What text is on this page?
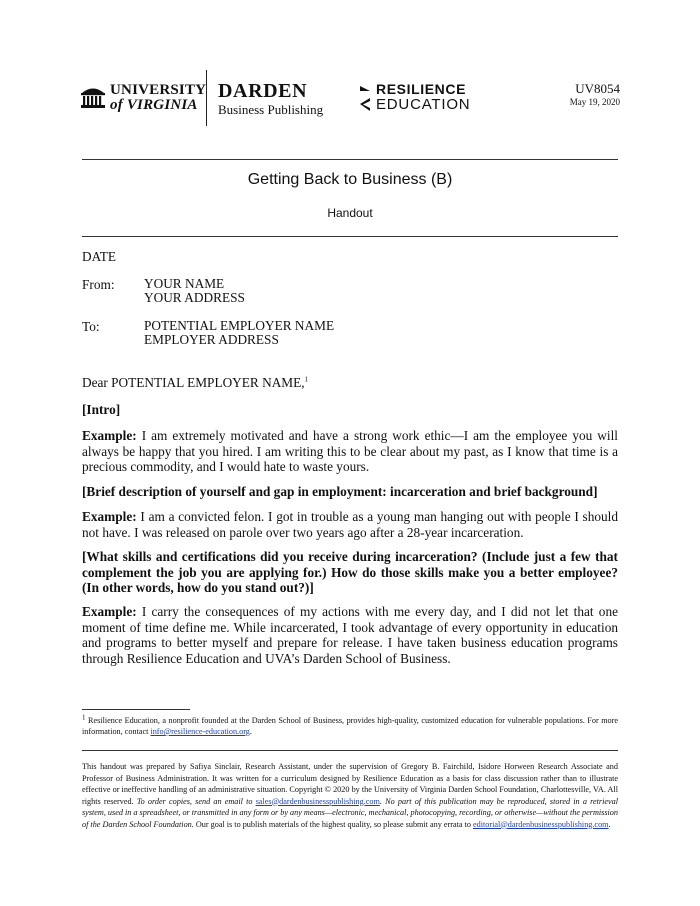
UNIVERSITY
of VIRGINIA
DARDEN
Business Publishing
RESILIENCE
EDUCATION
UV8054
May 19, 2020
Getting Back to Business (B)
Handout
DATE
From: YOUR NAME
YOUR ADDRESS
To:	POTENTIAL EMPLOYER NAME
EMPLOYER ADDRESS
Dear POTENTIAL EMPLOYER NAME,$^1$
[Intro]
Example: I am extremely motivated and have a strong work ethic—I am the employee you will always be happy that you hired. I am writing this to be clear about my past, as I know that time is a precious commodity, and I would hate to waste yours.
[Brief description of yourself and gap in employment: incarceration and brief background]
Example: I am a convicted felon. I got in trouble as a young man hanging out with people I should not have. I was released on parole over two years ago after a 28-year incarceration.
[What skills and certifications did you receive during incarceration? (Include just a few that complement the job you are applying for.) How do those skills make you a better employee? (In other words, how do you stand out?)]
Example: I carry the consequences of my actions with me every day, and I did not let that one moment of time define me. While incarcerated, I took advantage of every opportunity in education and programs to better myself and prepare for release. I have taken business education programs through Resilience Education and UVA’s Darden School of Business.
$^1$ Resilience Education, a nonprofit founded at the Darden School of Business, provides high-quality, customized education for vulnerable populations. For more information, contact info@resilience-education.org.
This handout was prepared by Safiya Sinclair, Research Assistant, under the supervision of Gregory B. Fairchild, Isidore Horween Research Associate and Professor of Business Administration. It was written for a curriculum designed by Resilience Education as a basis for class discussion rather than to illustrate effective or ineffective handling of an administrative situation. Copyright © 2020 by the University of Virginia Darden School Foundation, Charlottesville, VA. All rights reserved. To order copies, send an email to sales@dardenbusinesspublishing.com. No part of this publication may be reproduced, stored in a retrieval system, used in a spreadsheet, or transmitted in any form or by any means—electronic, mechanical, photocopying, recording, or otherwise—without the permission of the Darden School Foundation. Our goal is to publish materials of the highest quality, so please submit any errata to editorial@dardenbusinesspublishing.com.
